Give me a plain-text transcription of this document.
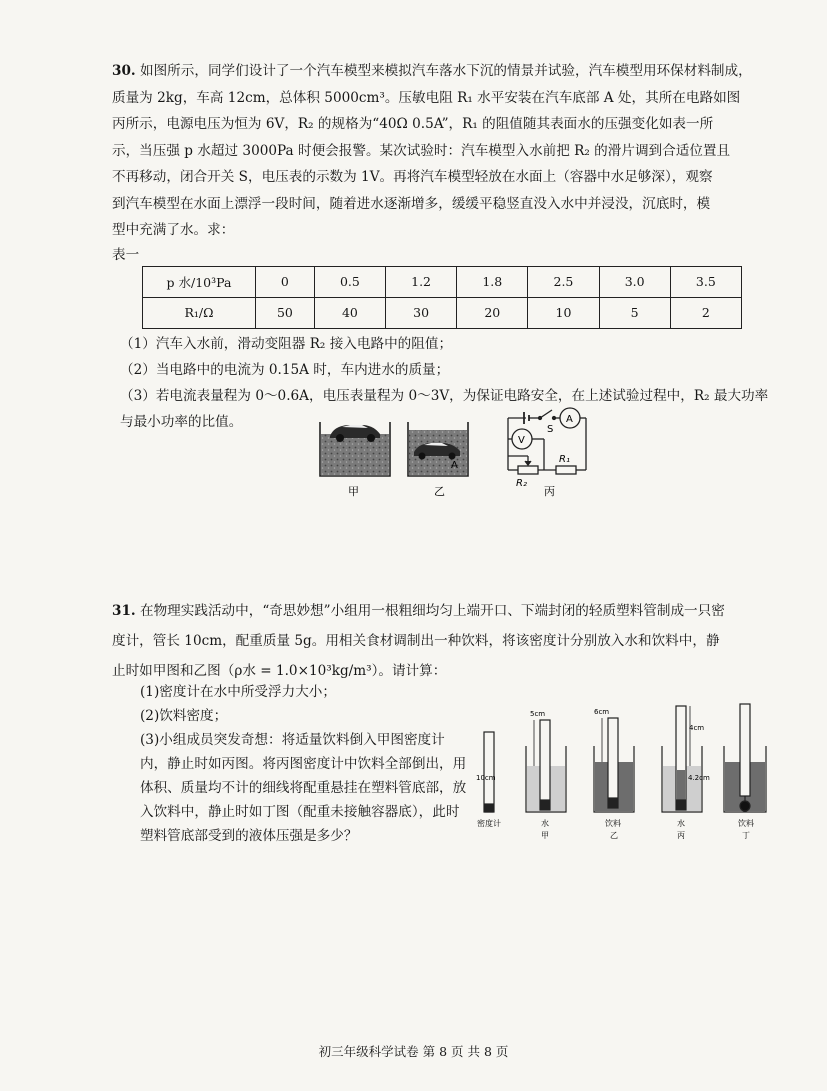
30. 如图所示，同学们设计了一个汽车模型来模拟汽车落水下沉的情景并试验，汽车模型用环保材料制成，
质量为 2kg，车高 12cm，总体积 5000cm³。压敏电阻 R₁ 水平安装在汽车底部 A 处，其所在电路如图
丙所示，电源电压为恒为 6V，R₂ 的规格为“40Ω 0.5A”，R₁ 的阻值随其表面水的压强变化如表一所
示，当压强 p 水超过 3000Pa 时便会报警。某次试验时：汽车模型入水前把 R₂ 的滑片调到合适位置且
不再移动，闭合开关 S，电压表的示数为 1V。再将汽车模型轻放在水面上（容器中水足够深），观察
到汽车模型在水面上漂浮一段时间，随着进水逐渐增多，缓缓平稳竖直没入水中并浸没，沉底时，模
型中充满了水。求：

表一

p 水/10³Pa	0	0.5	1.2	1.8	2.5	3.0	3.5
R₁/Ω	50	40	30	20	10	5	2

（1）汽车入水前，滑动变阻器 R₂ 接入电路中的阻值；

（2）当电路中的电流为 0.15A 时，车内进水的质量；

（3）若电流表量程为 0～0.6A，电压表量程为 0～3V，为保证电路安全，在上述试验过程中，R₂ 最大功率与最小功率的比值。

甲
A
乙
S
A
V
R₁
R₂
丙

31. 在物理实践活动中，“奇思妙想”小组用一根粗细均匀上端开口、下端封闭的轻质塑料管制成一只密
度计，管长 10cm，配重质量 5g。用相关食材调制出一种饮料，将该密度计分别放入水和饮料中，静
止时如甲图和乙图（ρ水 = 1.0×10³kg/m³）。请计算：

(1)密度计在水中所受浮力大小；

(2)饮料密度；

(3)小组成员突发奇想：将适量饮料倒入甲图密度计内，静止时如丙图。将丙图密度计中饮料全部倒出，用体积、质量均不计的细线将配重悬挂在塑料管底部，放入饮料中，静止时如丁图（配重未接触容器底），此时塑料管底部受到的液体压强是多少？

10cm
5cm	6cm
4cm
4.2cm
密度计	水
甲
饮料
乙
水
丙
饮料
丁
初三年级科学试卷 第 8 页 共 8 页
